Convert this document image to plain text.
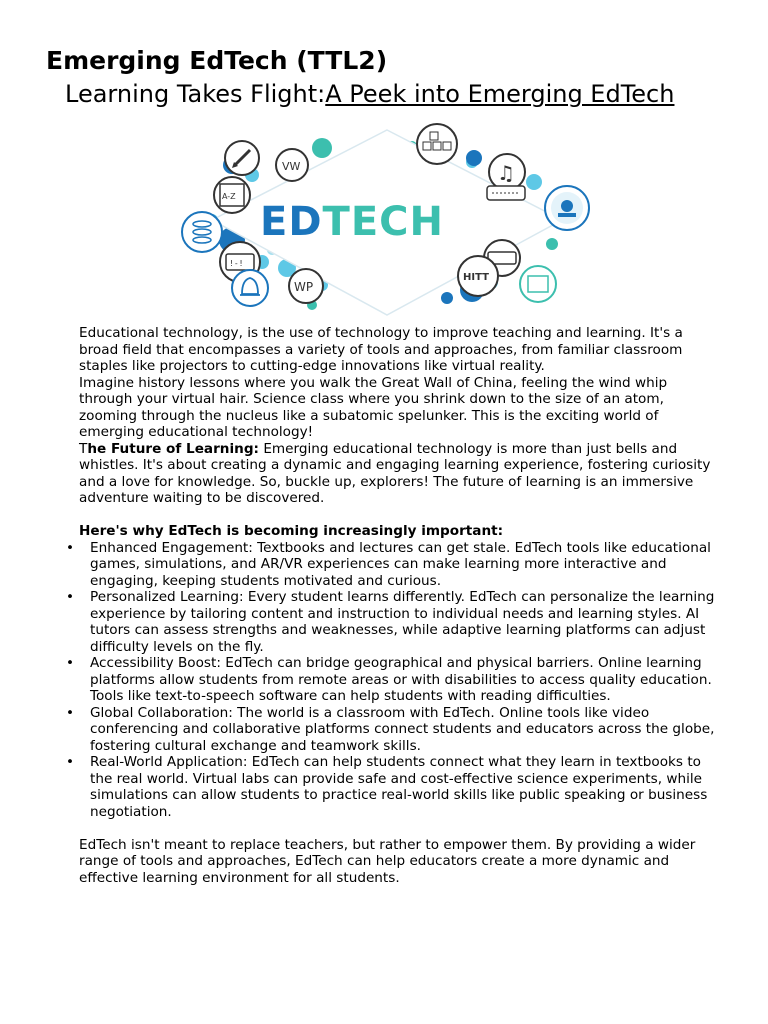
Emerging EdTech (TTL2)
Learning Takes Flight:A Peek into Emerging EdTech
EDTECH
VW
A-Z
♫
!-!
WP
HITT

Educational technology, is the use of technology to improve teaching and learning. It's a broad field that encompasses a variety of tools and approaches, from familiar classroom staples like projectors to cutting-edge innovations like virtual reality.

Imagine history lessons where you walk the Great Wall of China, feeling the wind whip through your virtual hair. Science class where you shrink down to the size of an atom, zooming through the nucleus like a subatomic spelunker. This is the exciting world of emerging educational technology!

The Future of Learning: Emerging educational technology is more than just bells and whistles. It's about creating a dynamic and engaging learning experience, fostering curiosity and a love for knowledge. So, buckle up, explorers! The future of learning is an immersive adventure waiting to be discovered.

Here's why EdTech is becoming increasingly important:

• Enhanced Engagement: Textbooks and lectures can get stale. EdTech tools like educational games, simulations, and AR/VR experiences can make learning more interactive and engaging, keeping students motivated and curious.
• Personalized Learning: Every student learns differently. EdTech can personalize the learning experience by tailoring content and instruction to individual needs and learning styles. AI tutors can assess strengths and weaknesses, while adaptive learning platforms can adjust difficulty levels on the fly.
• Accessibility Boost: EdTech can bridge geographical and physical barriers. Online learning platforms allow students from remote areas or with disabilities to access quality education. Tools like text-to-speech software can help students with reading difficulties.
• Global Collaboration: The world is a classroom with EdTech. Online tools like video conferencing and collaborative platforms connect students and educators across the globe, fostering cultural exchange and teamwork skills.
• Real-World Application: EdTech can help students connect what they learn in textbooks to the real world. Virtual labs can provide safe and cost-effective science experiments, while simulations can allow students to practice real-world skills like public speaking or business negotiation.

EdTech isn't meant to replace teachers, but rather to empower them. By providing a wider range of tools and approaches, EdTech can help educators create a more dynamic and effective learning environment for all students.
